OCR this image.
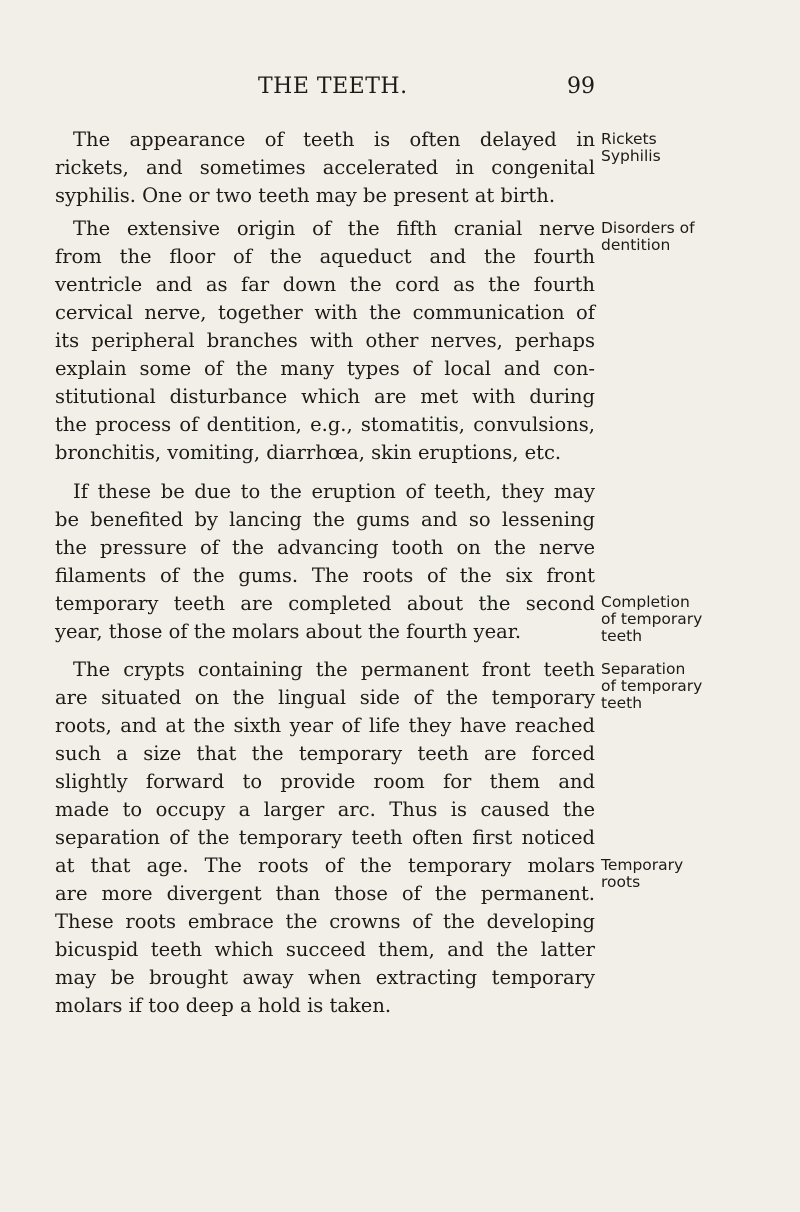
THE TEETH.	99
The appearance of teeth is often delayed in
rickets, and sometimes accelerated in congenital
syphilis. One or two teeth may be present at birth.
The extensive origin of the fifth cranial nerve
from the floor of the aqueduct and the fourth
ventricle and as far down the cord as the fourth
cervical nerve, together with the communication of
its peripheral branches with other nerves, perhaps
explain some of the many types of local and con-
stitutional disturbance which are met with during
the process of dentition, e.g., stomatitis, convulsions,
bronchitis, vomiting, diarrhœa, skin eruptions, etc.
If these be due to the eruption of teeth, they may
be benefited by lancing the gums and so lessening
the pressure of the advancing tooth on the nerve
filaments of the gums. The roots of the six front
temporary teeth are completed about the second
year, those of the molars about the fourth year.
The crypts containing the permanent front teeth
are situated on the lingual side of the temporary
roots, and at the sixth year of life they have reached
such a size that the temporary teeth are forced
slightly forward to provide room for them and
made to occupy a larger arc. Thus is caused the
separation of the temporary teeth often first noticed
at that age. The roots of the temporary molars
are more divergent than those of the permanent.
These roots embrace the crowns of the developing
bicuspid teeth which succeed them, and the latter
may be brought away when extracting temporary
molars if too deep a hold is taken.
Rickets
Syphilis
Disorders of
dentition
Completion
of temporary
teeth
Separation
of temporary
teeth
Temporary
roots
